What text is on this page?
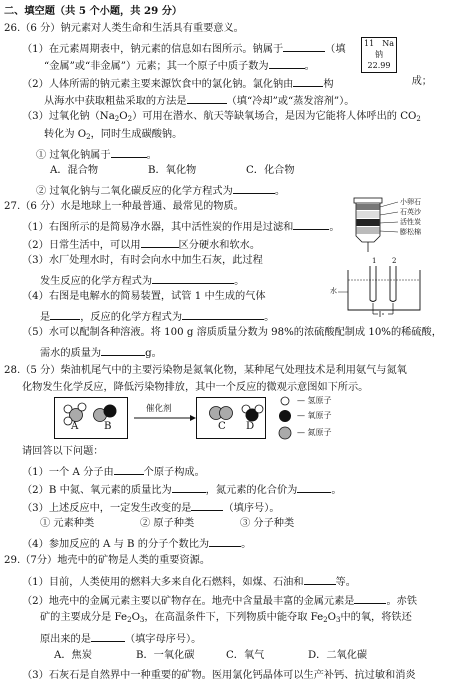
二、填空题（共 5 个小题，共 29 分）
26.（6 分）钠元素对人类生命和生活具有重要意义。
（1）在元素周期表中，钠元素的信息如右图所示。钠属于	（填
“金属”或“非金属”）元素；其一个原子中质子数为	。
11 Na
钠
22.99
（2）人体所需的钠元素主要来源饮食中的氯化钠。氯化钠由	构	成；
从海水中获取粗盐采取的方法是	（填“冷却”或“蒸发溶剂”）。
（3）过氧化钠$(Na_2O_2)$可用在潜水、航天等缺氧场合，是因为它能将人体呼出的 $CO_2$
转化为 $O_2$，同时生成碳酸钠。
① 过氧化钠属于	。
A．混合物	B．氧化物	C．化合物
② 过氧化钠与二氧化碳反应的化学方程式为	。
27.（6 分）水是地球上一种最普通、最常见的物质。
（1）右图所示的是简易净水器，其中活性炭的作用是过滤和	。
（2）日常生活中，可以用	区分硬水和软水。
（3）水厂处理水时，有时会向水中加生石灰，此过程
发生反应的化学方程式为	。
（4）右图是电解水的简易装置，试管 1 中生成的气体
是	，反应的化学方程式为	。
（5）水可以配制各种溶液。将 100 g 溶质质量分数为 98%的浓硫酸配制成 10%的稀硫酸，
需水的质量为	g。
小卵石
石英沙
活性炭
膨松棉
1 2
水
28.（5 分）柴油机尾气中的主要污染物是氮氧化物，某种尾气处理技术是利用氨气与氮氧
化物发生化学反应，降低污染物排放，其中一个反应的微观示意图如下所示。
A	B	C D
催化剂
— 氢原子
— 氧原子
— 氮原子
请回答以下问题：
（1）一个 A 分子由	个原子构成。
（2）B 中氮、氧元素的质量比为	，氮元素的化合价为	。
（3）上述反应中，一定发生改变的是	（填序号）。
① 元素种类	② 原子种类	③ 分子种类
（4）参加反应的 A 与 B 的分子个数比为	。
29.（7分）地壳中的矿物是人类的重要资源。
（1）目前，人类使用的燃料大多来自化石燃料，如煤、石油和	等。
（2）地壳中的金属元素主要以矿物存在。地壳中含量最丰富的金属元素是	。赤铁
矿的主要成分是 $Fe_2O_3$，在高温条件下，下列物质中能夺取 $Fe_2O_3$中的氧，将铁还
原出来的是	（填字母序号）。
A．焦炭	B．一氧化碳	C．氧气	D．二氧化碳
（3）石灰石是自然界中一种重要的矿物。医用氯化钙晶体可以生产补钙、抗过敏和消炎
